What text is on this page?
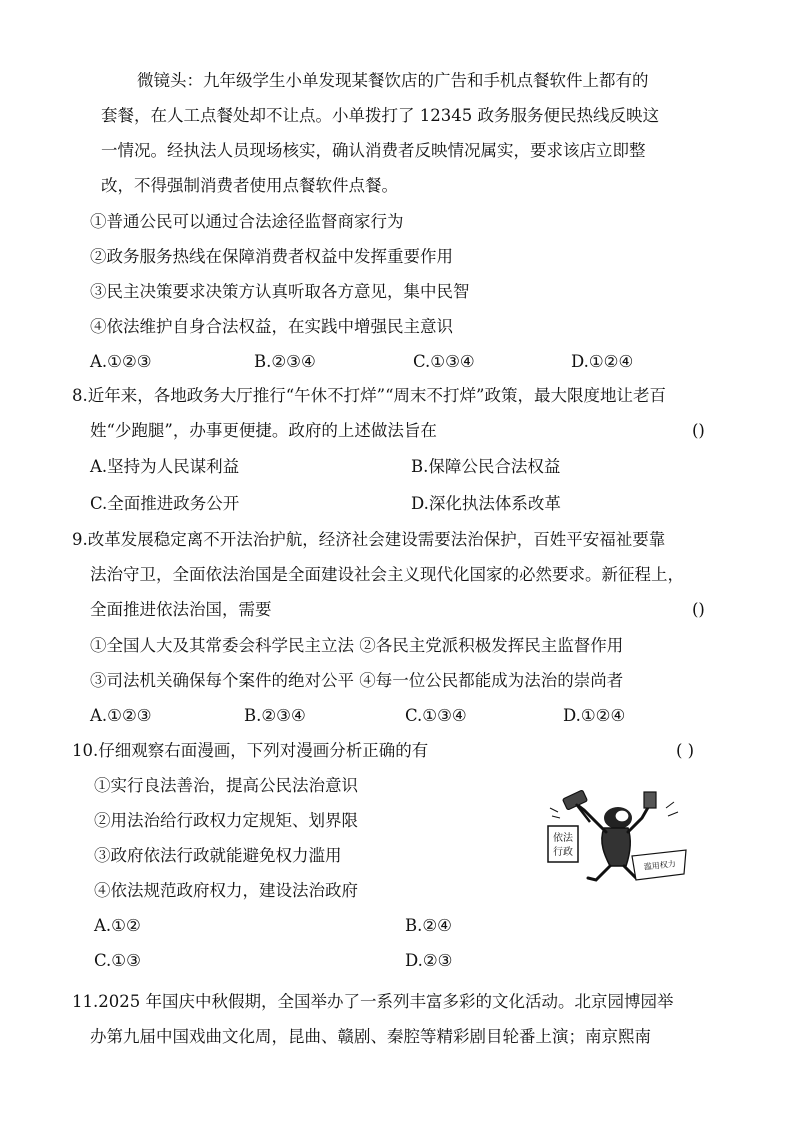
微镜头：九年级学生小单发现某餐饮店的广告和手机点餐软件上都有的
套餐，在人工点餐处却不让点。小单拨打了 12345 政务服务便民热线反映这
一情况。经执法人员现场核实，确认消费者反映情况属实，要求该店立即整
改，不得强制消费者使用点餐软件点餐。
①普通公民可以通过合法途径监督商家行为
②政务服务热线在保障消费者权益中发挥重要作用
③民主决策要求决策方认真听取各方意见，集中民智
④依法维护自身合法权益，在实践中增强民主意识
A.①②③	B.②③④	C.①③④	D.①②④
8.近年来，各地政务大厅推行“午休不打烊”“周末不打烊”政策，最大限度地让老百
姓“少跑腿”，办事更便捷。政府的上述做法旨在	()
A.坚持为人民谋利益	B.保障公民合法权益
C.全面推进政务公开	D.深化执法体系改革
9.改革发展稳定离不开法治护航，经济社会建设需要法治保护，百姓平安福祉要靠
法治守卫，全面依法治国是全面建设社会主义现代化国家的必然要求。新征程上，
全面推进依法治国，需要	()
①全国人大及其常委会科学民主立法 ②各民主党派积极发挥民主监督作用
③司法机关确保每个案件的绝对公平 ④每一位公民都能成为法治的崇尚者
A.①②③	B.②③④	C.①③④	D.①②④
10.仔细观察右面漫画，下列对漫画分析正确的有	( )
①实行良法善治，提高公民法治意识
②用法治给行政权力定规矩、划界限
③政府依法行政就能避免权力滥用
④依法规范政府权力，建设法治政府
A.①②	B.②④
C.①③	D.②③
依法
行政
滥用权力
11.2025 年国庆中秋假期，全国举办了一系列丰富多彩的文化活动。北京园博园举
办第九届中国戏曲文化周，昆曲、赣剧、秦腔等精彩剧目轮番上演；南京熙南
